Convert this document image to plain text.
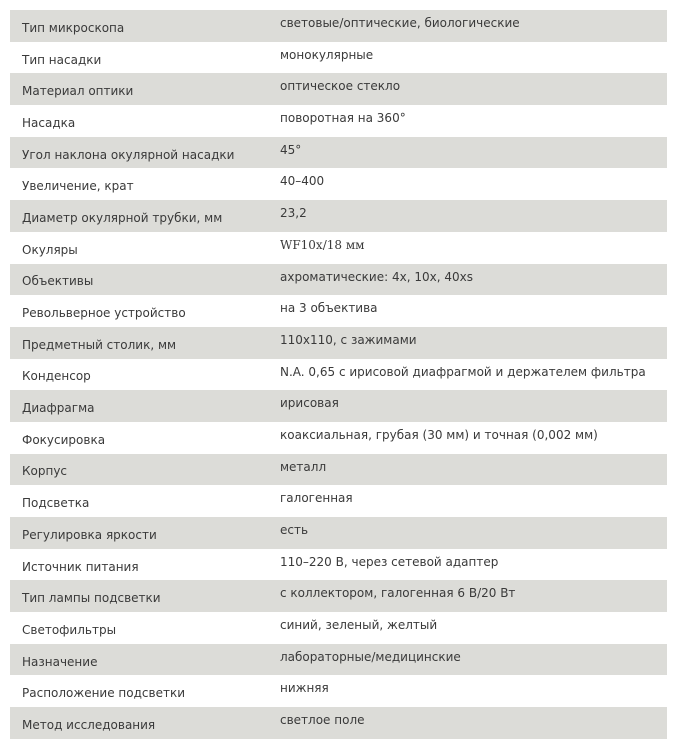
Тип микроскопа	световые/оптические, биологические
Тип насадки	монокулярные
Материал оптики	оптическое стекло
Насадка	поворотная на 360°
Угол наклона окулярной насадки	45°
Увеличение, крат	40–400
Диаметр окулярной трубки, мм	23,2
Окуляры	WF10x/18 мм
Объективы	ахроматические: 4x, 10x, 40xs
Револьверное устройство	на 3 объектива
Предметный столик, мм	110x110, с зажимами
Конденсор	N.A. 0,65 с ирисовой диафрагмой и держателем фильтра
Диафрагма	ирисовая
Фокусировка	коаксиальная, грубая (30 мм) и точная (0,002 мм)
Корпус	металл
Подсветка	галогенная
Регулировка яркости	есть
Источник питания	110–220 В, через сетевой адаптер
Тип лампы подсветки	с коллектором, галогенная 6 В/20 Вт
Светофильтры	синий, зеленый, желтый
Назначение	лабораторные/медицинские
Расположение подсветки	нижняя
Метод исследования	светлое поле
